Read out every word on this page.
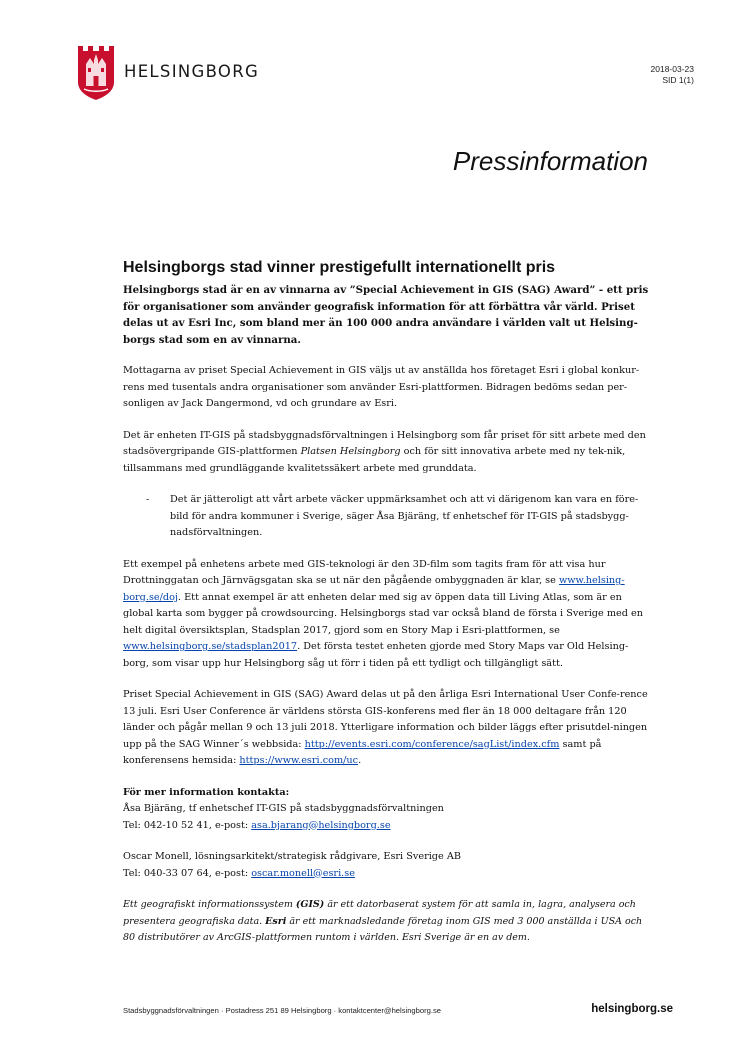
HELSINGBORG	2018-03-23
SID 1(1)
Pressinformation
Helsingborgs stad vinner prestigefullt internationellt pris
Helsingborgs stad är en av vinnarna av ”Special Achievement in GIS (SAG) Award” - ett pris för organisationer som använder geografisk information för att förbättra vår värld. Priset delas ut av Esri Inc, som bland mer än 100 000 andra användare i världen valt ut Helsing-borgs stad som en av vinnarna.
Mottagarna av priset Special Achievement in GIS väljs ut av anställda hos företaget Esri i global konkur-rens med tusentals andra organisationer som använder Esri-plattformen. Bidragen bedöms sedan per-sonligen av Jack Dangermond, vd och grundare av Esri.
Det är enheten IT-GIS på stadsbyggnadsförvaltningen i Helsingborg som får priset för sitt arbete med den stadsövergripande GIS-plattformen Platsen Helsingborg och för sitt innovativa arbete med ny tek-nik, tillsammans med grundläggande kvalitetssäkert arbete med grunddata.
-	Det är jätteroligt att vårt arbete väcker uppmärksamhet och att vi därigenom kan vara en före-bild för andra kommuner i Sverige, säger Åsa Bjäräng, tf enhetschef för IT-GIS på stadsbygg-nadsförvaltningen.
Ett exempel på enhetens arbete med GIS-teknologi är den 3D-film som tagits fram för att visa hur Drottninggatan och Järnvägsgatan ska se ut när den pågående ombyggnaden är klar, se www.helsing-borg.se/doj. Ett annat exempel är att enheten delar med sig av öppen data till Living Atlas, som är en global karta som bygger på crowdsourcing. Helsingborgs stad var också bland de första i Sverige med en helt digital översiktsplan, Stadsplan 2017, gjord som en Story Map i Esri-plattformen, se www.helsingborg.se/stadsplan2017. Det första testet enheten gjorde med Story Maps var Old Helsing-borg, som visar upp hur Helsingborg såg ut förr i tiden på ett tydligt och tillgängligt sätt.
Priset Special Achievement in GIS (SAG) Award delas ut på den årliga Esri International User Confe-rence 13 juli. Esri User Conference är världens största GIS-konferens med fler än 18 000 deltagare från 120 länder och pågår mellan 9 och 13 juli 2018. Ytterligare information och bilder läggs efter prisutdel-ningen upp på the SAG Winner´s webbsida: http://events.esri.com/conference/sagList/index.cfm samt på konferensens hemsida: https://www.esri.com/uc.
För mer information kontakta:
Åsa Bjäräng, tf enhetschef IT-GIS på stadsbyggnadsförvaltningen
Tel: 042-10 52 41, e-post: asa.bjarang@helsingborg.se
Oscar Monell, lösningsarkitekt/strategisk rådgivare, Esri Sverige AB
Tel: 040-33 07 64, e-post: oscar.monell@esri.se
Ett geografiskt informationssystem (GIS) är ett datorbaserat system för att samla in, lagra, analysera och presentera geografiska data. Esri är ett marknadsledande företag inom GIS med 3 000 anställda i USA och 80 distributörer av ArcGIS-plattformen runtom i världen. Esri Sverige är en av dem.
Stadsbyggnadsförvaltningen · Postadress 251 89 Helsingborg · kontaktcenter@helsingborg.se	helsingborg.se
